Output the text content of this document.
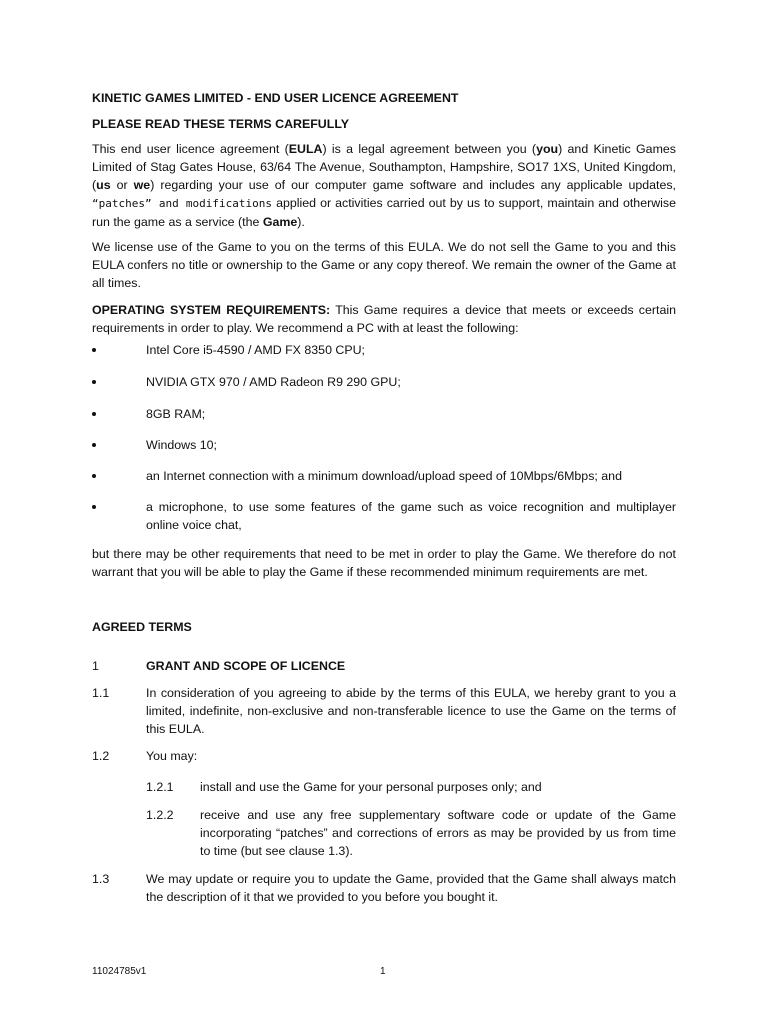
KINETIC GAMES LIMITED - END USER LICENCE AGREEMENT
PLEASE READ THESE TERMS CAREFULLY

This end user licence agreement (EULA) is a legal agreement between you (you) and Kinetic Games Limited of Stag Gates House, 63/64 The Avenue, Southampton, Hampshire, SO17 1XS, United Kingdom, (us or we) regarding your use of our computer game software and includes any applicable updates, “patches” and modifications applied or activities carried out by us to support, maintain and otherwise run the game as a service (the Game).

We license use of the Game to you on the terms of this EULA. We do not sell the Game to you and this EULA confers no title or ownership to the Game or any copy thereof. We remain the owner of the Game at all times.

OPERATING SYSTEM REQUIREMENTS: This Game requires a device that meets or exceeds certain requirements in order to play. We recommend a PC with at least the following:

Intel Core i5-4590 / AMD FX 8350 CPU;
NVIDIA GTX 970 / AMD Radeon R9 290 GPU;
8GB RAM;
Windows 10;
an Internet connection with a minimum download/upload speed of 10Mbps/6Mbps; and
a microphone, to use some features of the game such as voice recognition and multiplayer online voice chat,

but there may be other requirements that need to be met in order to play the Game. We therefore do not warrant that you will be able to play the Game if these recommended minimum requirements are met.

AGREED TERMS
1	GRANT AND SCOPE OF LICENCE
1.1	In consideration of you agreeing to abide by the terms of this EULA, we hereby grant to you a limited, indefinite, non-exclusive and non-transferable licence to use the Game on the terms of this EULA.
1.2	You may:
1.2.1	install and use the Game for your personal purposes only; and
1.2.2	receive and use any free supplementary software code or update of the Game incorporating “patches” and corrections of errors as may be provided by us from time to time (but see clause 1.3).
1.3	We may update or require you to update the Game, provided that the Game shall always match the description of it that we provided to you before you bought it.
11024785v1	1
